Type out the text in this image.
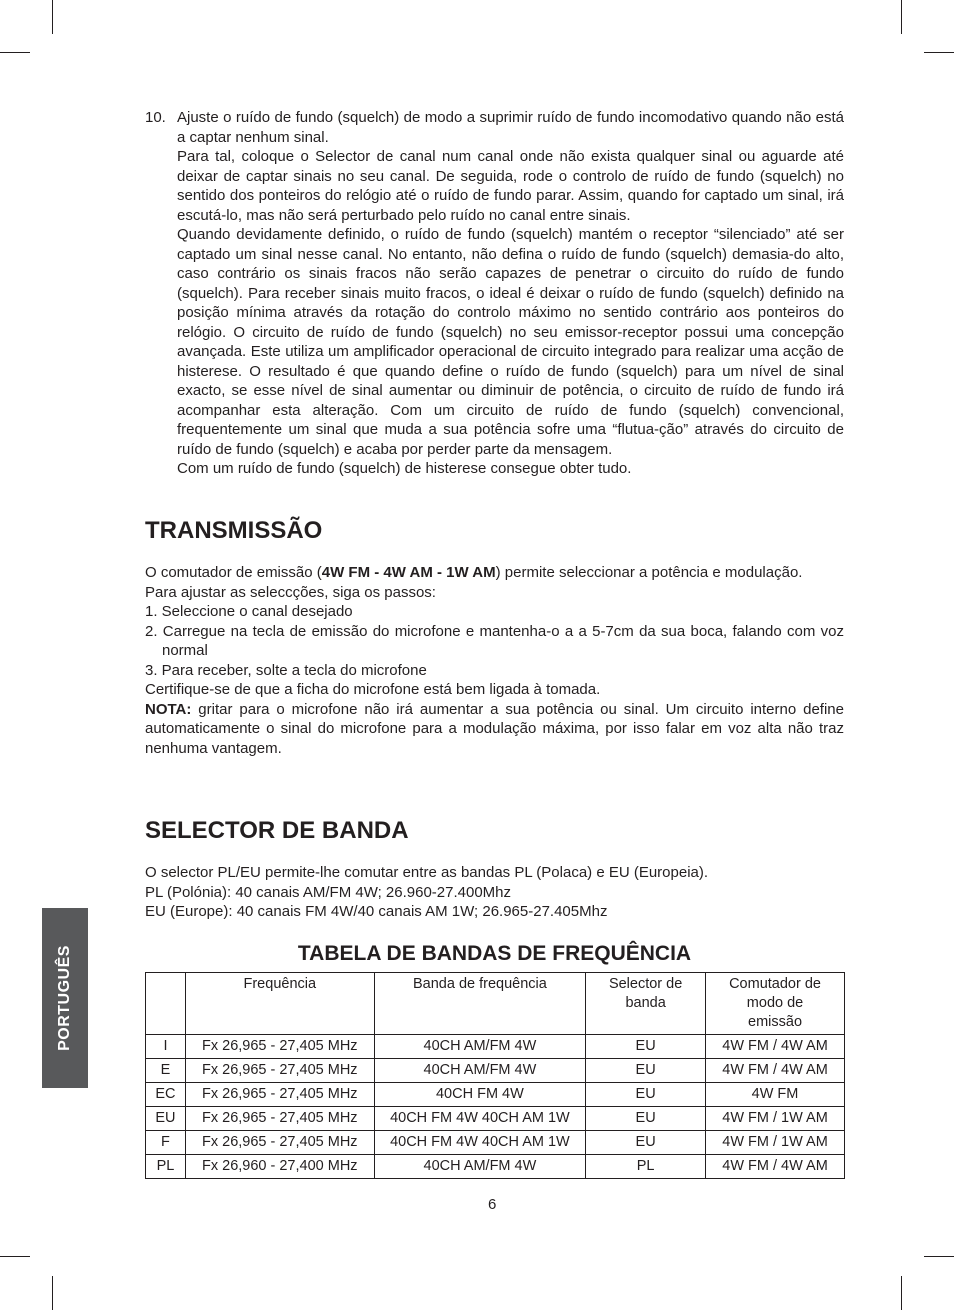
PORTUGUÊS
10. Ajuste o ruído de fundo (squelch) de modo a suprimir ruído de fundo incomodativo quando não está a captar nenhum sinal.

Para tal, coloque o Selector de canal num canal onde não exista qualquer sinal ou aguarde até deixar de captar sinais no seu canal. De seguida, rode o controlo de ruído de fundo (squelch) no sentido dos ponteiros do relógio até o ruído de fundo parar. Assim, quando for captado um sinal, irá escutá-lo, mas não será perturbado pelo ruído no canal entre sinais.

Quando devidamente definido, o ruído de fundo (squelch) mantém o receptor “silenciado” até ser captado um sinal nesse canal. No entanto, não defina o ruído de fundo (squelch) demasia-do alto, caso contrário os sinais fracos não serão capazes de penetrar o circuito do ruído de fundo (squelch). Para receber sinais muito fracos, o ideal é deixar o ruído de fundo (squelch) definido na posição mínima através da rotação do controlo máximo no sentido contrário aos ponteiros do relógio. O circuito de ruído de fundo (squelch) no seu emissor-receptor possui uma concepção avançada. Este utiliza um amplificador operacional de circuito integrado para realizar uma acção de histerese. O resultado é que quando define o ruído de fundo (squelch) para um nível de sinal exacto, se esse nível de sinal aumentar ou diminuir de potência, o circuito de ruído de fundo irá acompanhar esta alteração. Com um circuito de ruído de fundo (squelch) convencional, frequentemente um sinal que muda a sua potência sofre uma “flutua-ção” através do circuito de ruído de fundo (squelch) e acaba por perder parte da mensagem.

Com um ruído de fundo (squelch) de histerese consegue obter tudo.

TRANSMISSÃO

O comutador de emissão (4W FM - 4W AM - 1W AM) permite seleccionar a potência e modulação.

Para ajustar as seleccções, siga os passos:

1. Seleccione o canal desejado

2. Carregue na tecla de emissão do microfone e mantenha-o a a 5-7cm da sua boca, falando com voz normal

3. Para receber, solte a tecla do microfone

Certifique-se de que a ficha do microfone está bem ligada à tomada.

NOTA: gritar para o microfone não irá aumentar a sua potência ou sinal. Um circuito interno define automaticamente o sinal do microfone para a modulação máxima, por isso falar em voz alta não traz nenhuma vantagem.

SELECTOR DE BANDA

O selector PL/EU permite-lhe comutar entre as bandas PL (Polaca) e EU (Europeia).

PL (Polónia): 40 canais AM/FM 4W; 26.960-27.400Mhz

EU (Europe): 40 canais FM 4W/40 canais AM 1W; 26.965-27.405Mhz

TABELA DE BANDAS DE FREQUÊNCIA
	Frequência	Banda de frequência	Selector de banda	Comutador de modo de emissão
I	Fx 26,965 - 27,405 MHz	40CH AM/FM 4W	EU	4W FM / 4W AM
E	Fx 26,965 - 27,405 MHz	40CH AM/FM 4W	EU	4W FM / 4W AM
EC	Fx 26,965 - 27,405 MHz	40CH FM 4W	EU	4W FM
EU	Fx 26,965 - 27,405 MHz	40CH FM 4W 40CH AM 1W	EU	4W FM / 1W AM
F	Fx 26,965 - 27,405 MHz	40CH FM 4W 40CH AM 1W	EU	4W FM / 1W AM
PL	Fx 26,960 - 27,400 MHz	40CH AM/FM 4W	PL	4W FM / 4W AM
6
